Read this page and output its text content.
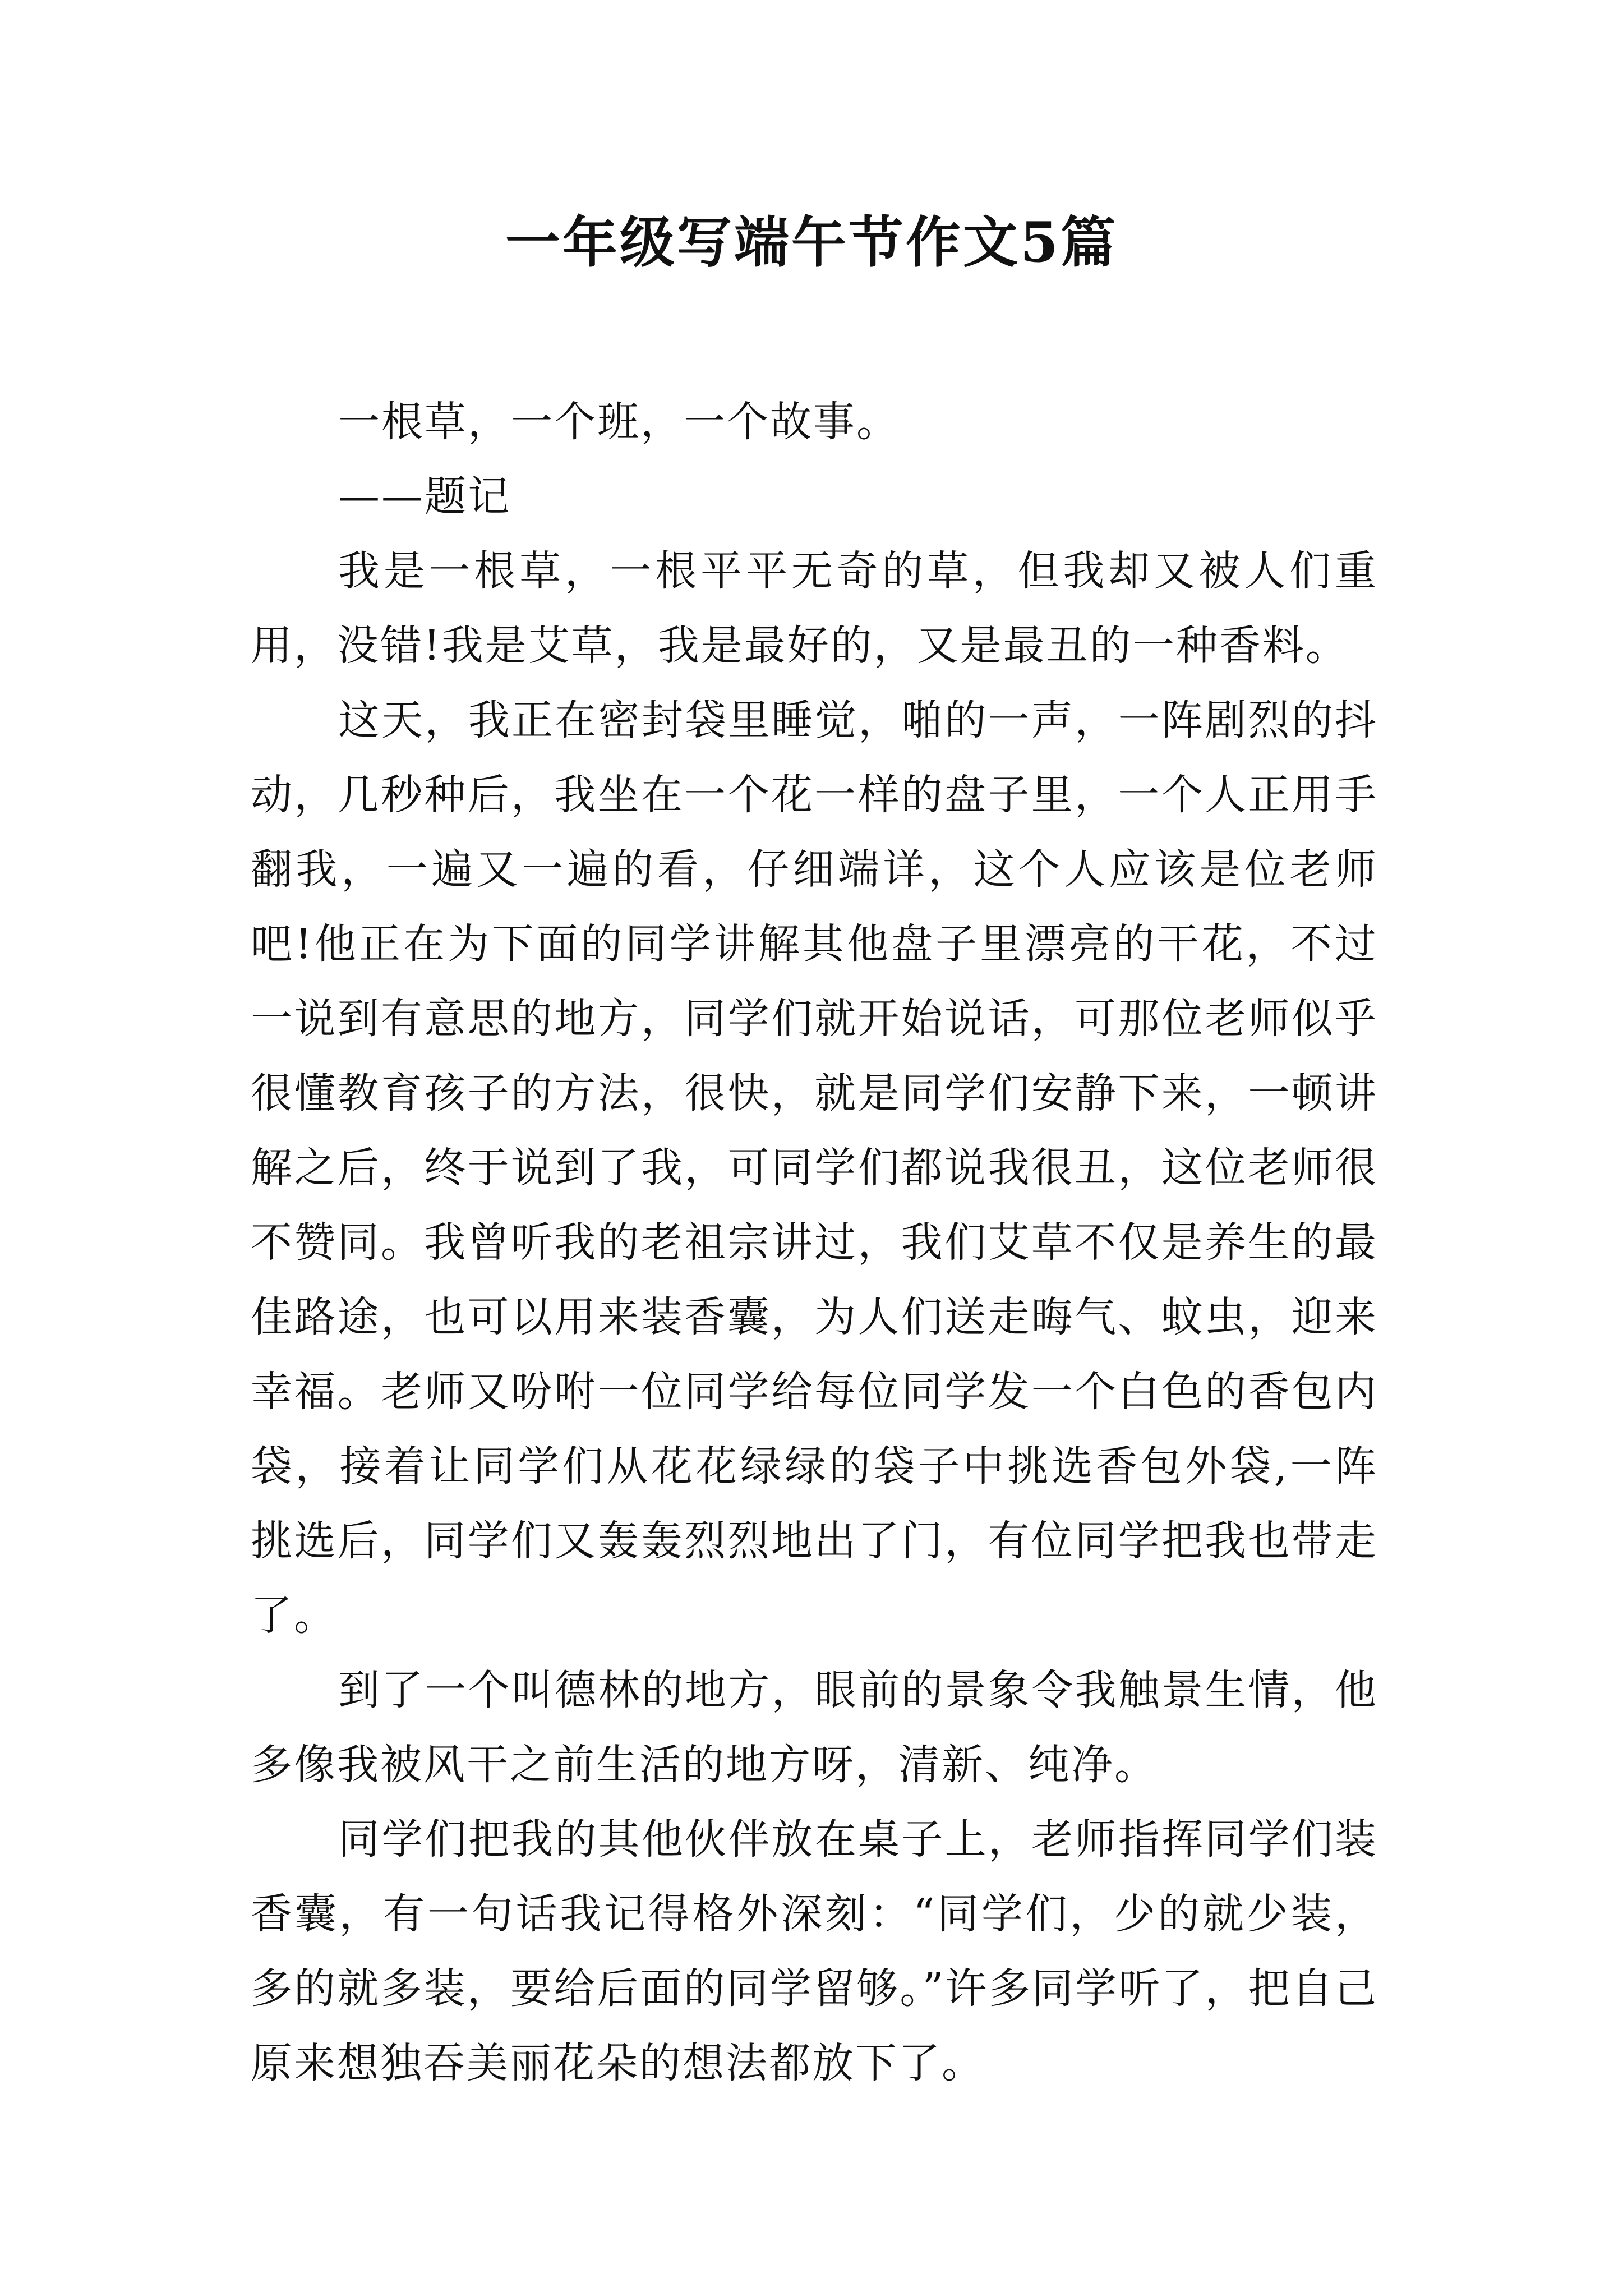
一年级写端午节作文5篇

一根草，一个班，一个故事。

——题记

我是一根草，一根平平无奇的草，但我却又被人们重用，没错!我是艾草，我是最好的，又是最丑的一种香料。

这天，我正在密封袋里睡觉，啪的一声，一阵剧烈的抖动，几秒种后，我坐在一个花一样的盘子里，一个人正用手翻我，一遍又一遍的看，仔细端详，这个人应该是位老师吧!他正在为下面的同学讲解其他盘子里漂亮的干花，不过一说到有意思的地方，同学们就开始说话，可那位老师似乎很懂教育孩子的方法，很快，就是同学们安静下来，一顿讲解之后，终于说到了我，可同学们都说我很丑，这位老师很不赞同。我曾听我的老祖宗讲过，我们艾草不仅是养生的最佳路途，也可以用来装香囊，为人们送走晦气、蚊虫，迎来幸福。老师又吩咐一位同学给每位同学发一个白色的香包内袋，接着让同学们从花花绿绿的袋子中挑选香包外袋,一阵挑选后，同学们又轰轰烈烈地出了门，有位同学把我也带走了。

到了一个叫德林的地方，眼前的景象令我触景生情，他多像我被风干之前生活的地方呀，清新、纯净。

同学们把我的其他伙伴放在桌子上，老师指挥同学们装香囊，有一句话我记得格外深刻：“同学们，少的就少装，多的就多装，要给后面的同学留够。”许多同学听了，把自己原来想独吞美丽花朵的想法都放下了。
